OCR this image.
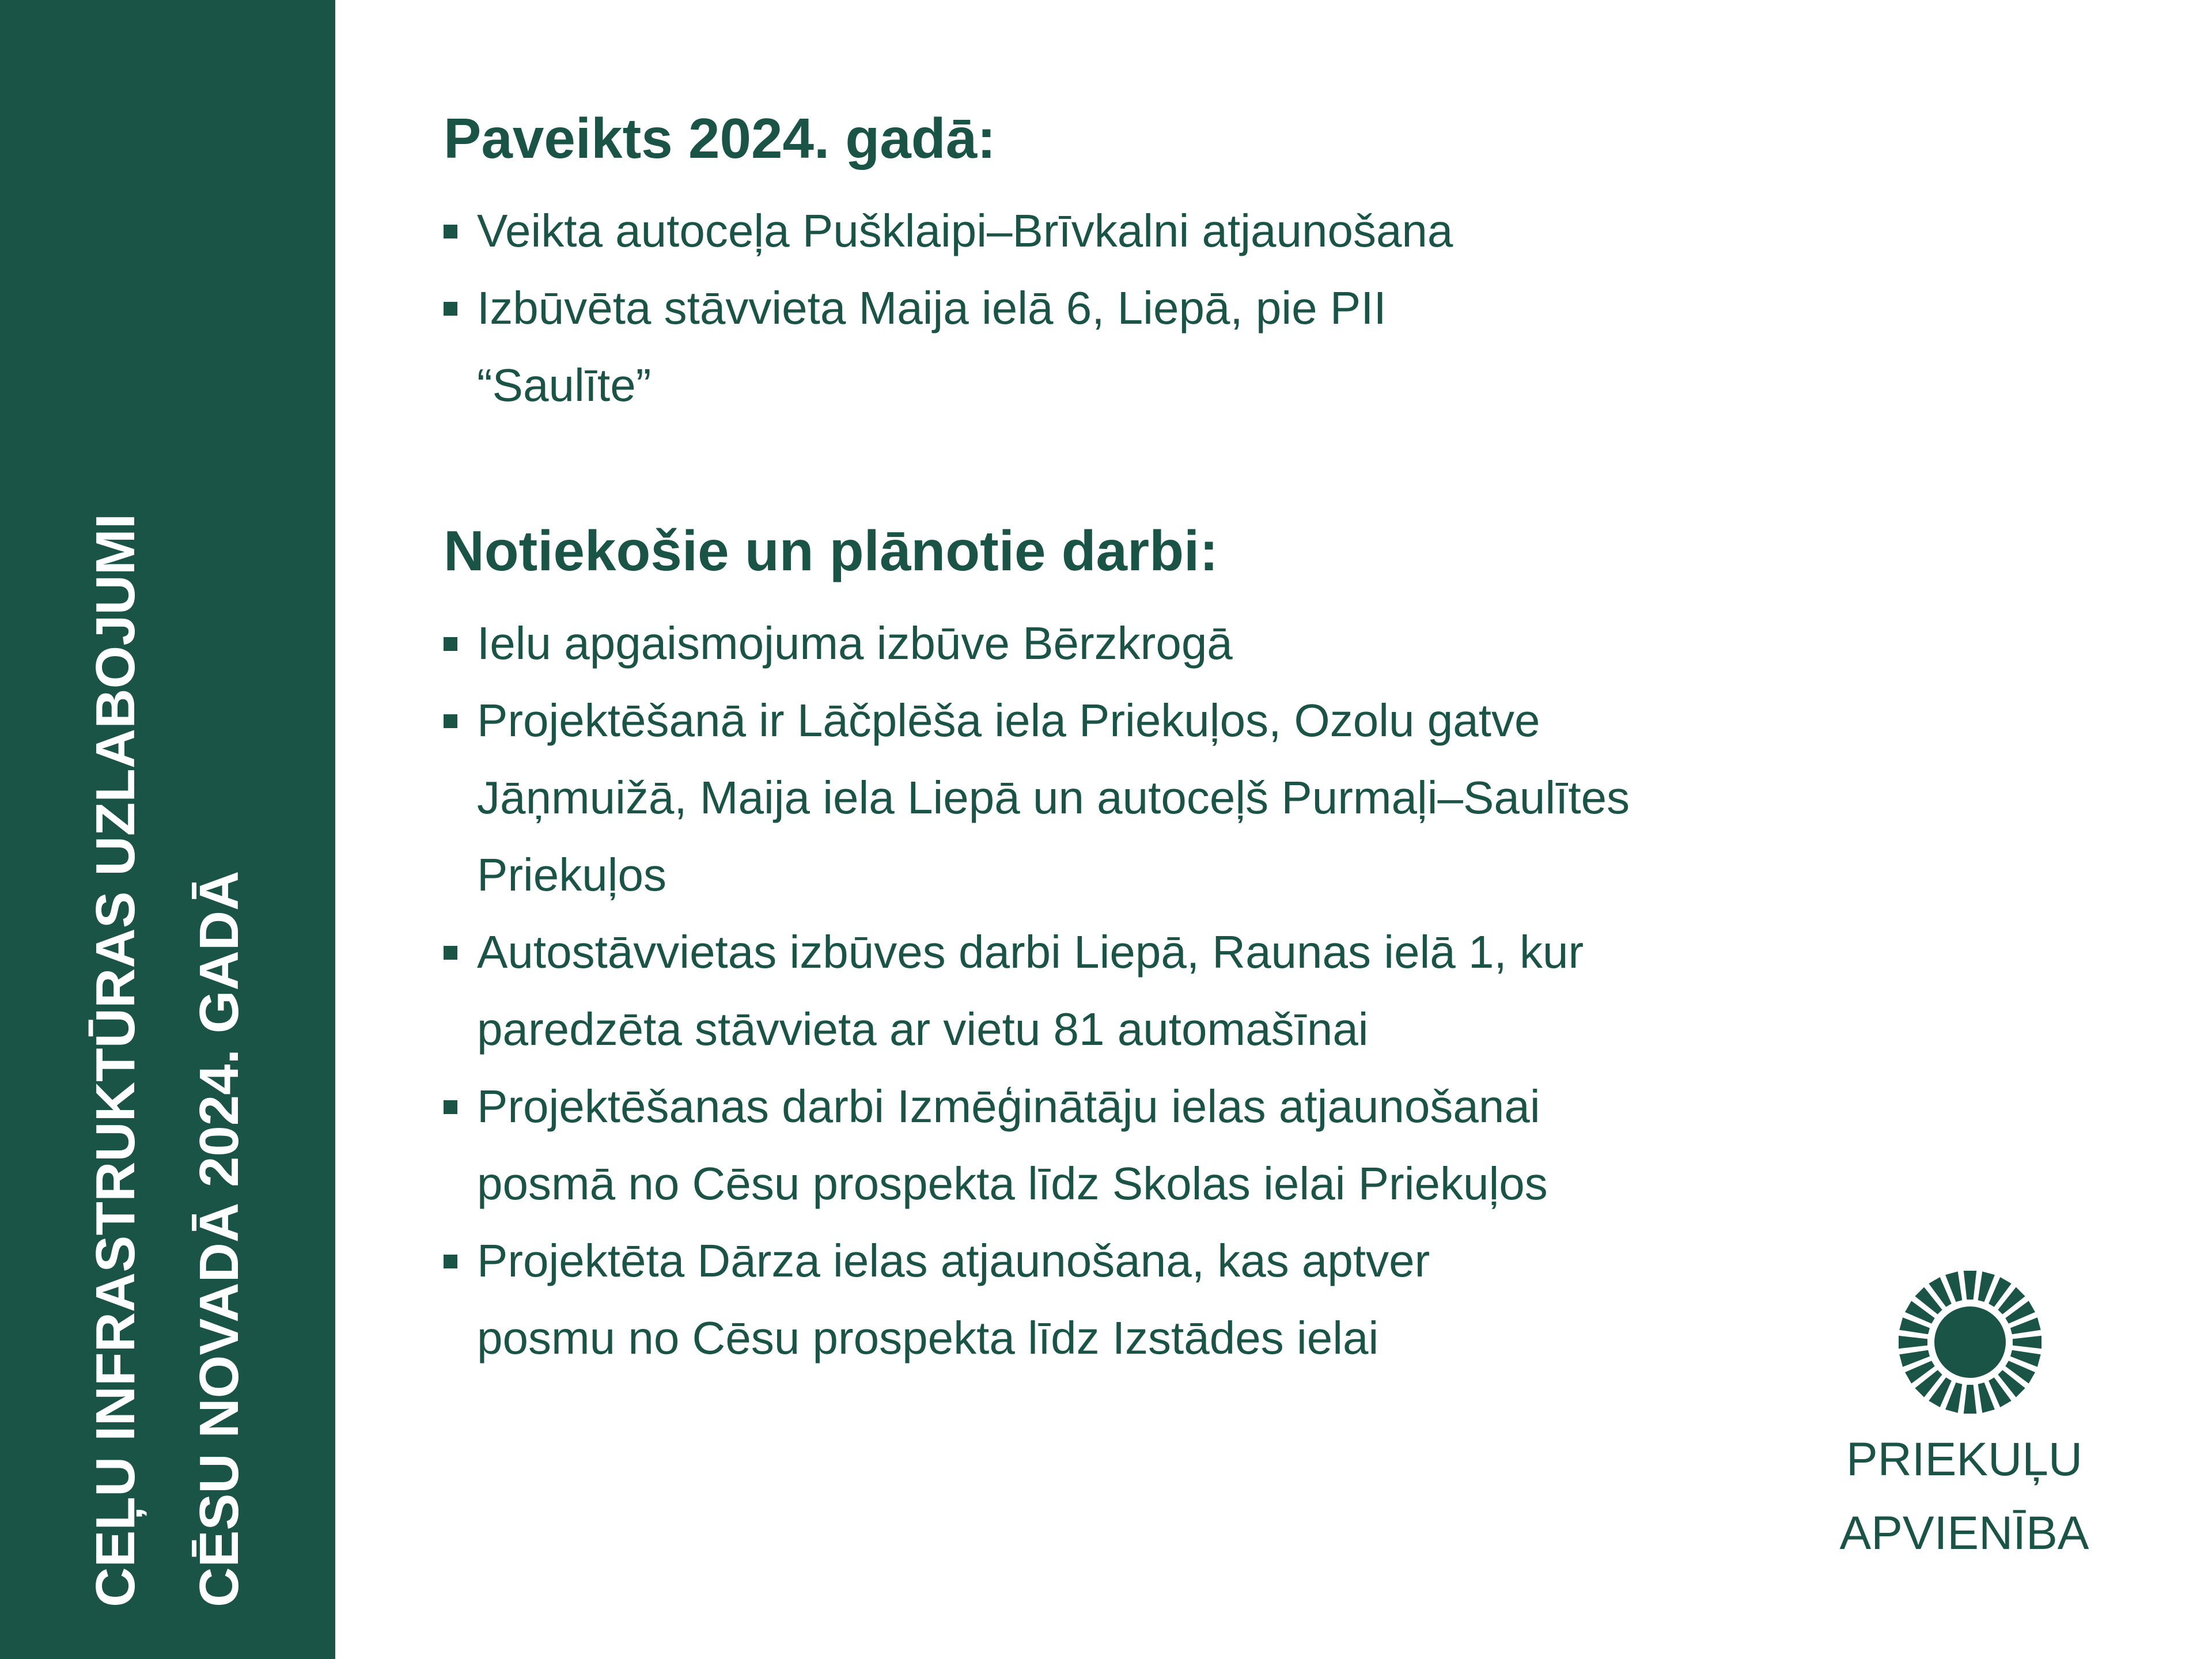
CEĻU INFRASTRUKTŪRAS UZLABOJUMI CĒSU NOVADĀ 2024. GADĀ
Paveikts 2024. gadā:
Veikta autoceļa Pušklaipi–Brīvkalni atjaunošana
Izbūvēta stāvvieta Maija ielā 6, Liepā, pie PII “Saulīte”
Notiekošie un plānotie darbi:
Ielu apgaismojuma izbūve Bērzkrogā
Projektēšanā ir Lāčplēša iela Priekuļos, Ozolu gatve Jāņmuižā, Maija iela Liepā un autoceļš Purmaļi–Saulītes Priekuļos
Autostāvvietas izbūves darbi Liepā, Raunas ielā 1, kur paredzēta stāvvieta ar vietu 81 automašīnai
Projektēšanas darbi Izmēģinātāju ielas atjaunošanai posmā no Cēsu prospekta līdz Skolas ielai Priekuļos
Projektēta Dārza ielas atjaunošana, kas aptver posmu no Cēsu prospekta līdz Izstādes ielai
PRIEKUĻU
APVIENĪBA
